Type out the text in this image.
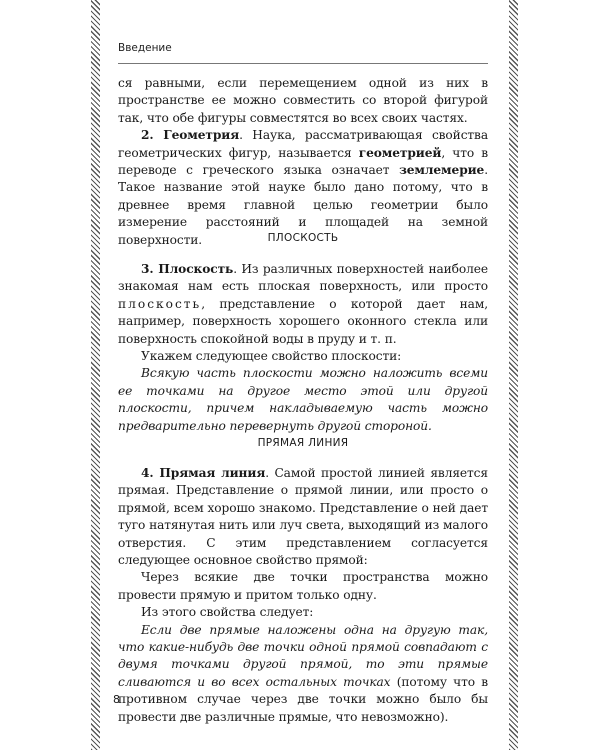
Введение

ся равными, если перемещением одной из них в пространстве ее можно совместить со второй фигурой так, что обе фигуры совместятся во всех своих частях.

2. Геометрия. Наука, рассматривающая свойства геометрических фигур, называется геометрией, что в переводе с греческого языка означает землемерие. Такое название этой науке было дано потому, что в древнее время главной целью геометрии было измерение расстояний и площадей на земной поверхности.	ПЛОСКОСТЬ

3. Плоскость. Из различных поверхностей наиболее знакомая нам есть плоская поверхность, или просто плоскость, представление о которой дает нам, например, поверхность хорошего оконного стекла или поверхность спокойной воды в пруду и т. п.

Укажем следующее свойство плоскости:

Всякую часть плоскости можно наложить всеми ее точками на другое место этой или другой плоскости, причем накладываемую часть можно предварительно перевернуть другой стороной.

ПРЯМАЯ ЛИНИЯ

4. Прямая линия. Самой простой линией является прямая. Представление о прямой линии, или просто о прямой, всем хорошо знакомо. Представление о ней дает туго натянутая нить или луч света, выходящий из малого отверстия. С этим представлением согласуется следующее основное свойство прямой:

Через всякие две точки пространства можно провести прямую и притом только одну.

Из этого свойства следует:

Если две прямые наложены одна на другую так, что какие-нибудь две точки одной прямой совпадают с двумя точками другой прямой, то эти прямые сливаются и во всех остальных точках (потому что в противном случае через две точки можно было бы провести две различные прямые, что невозможно).

8
